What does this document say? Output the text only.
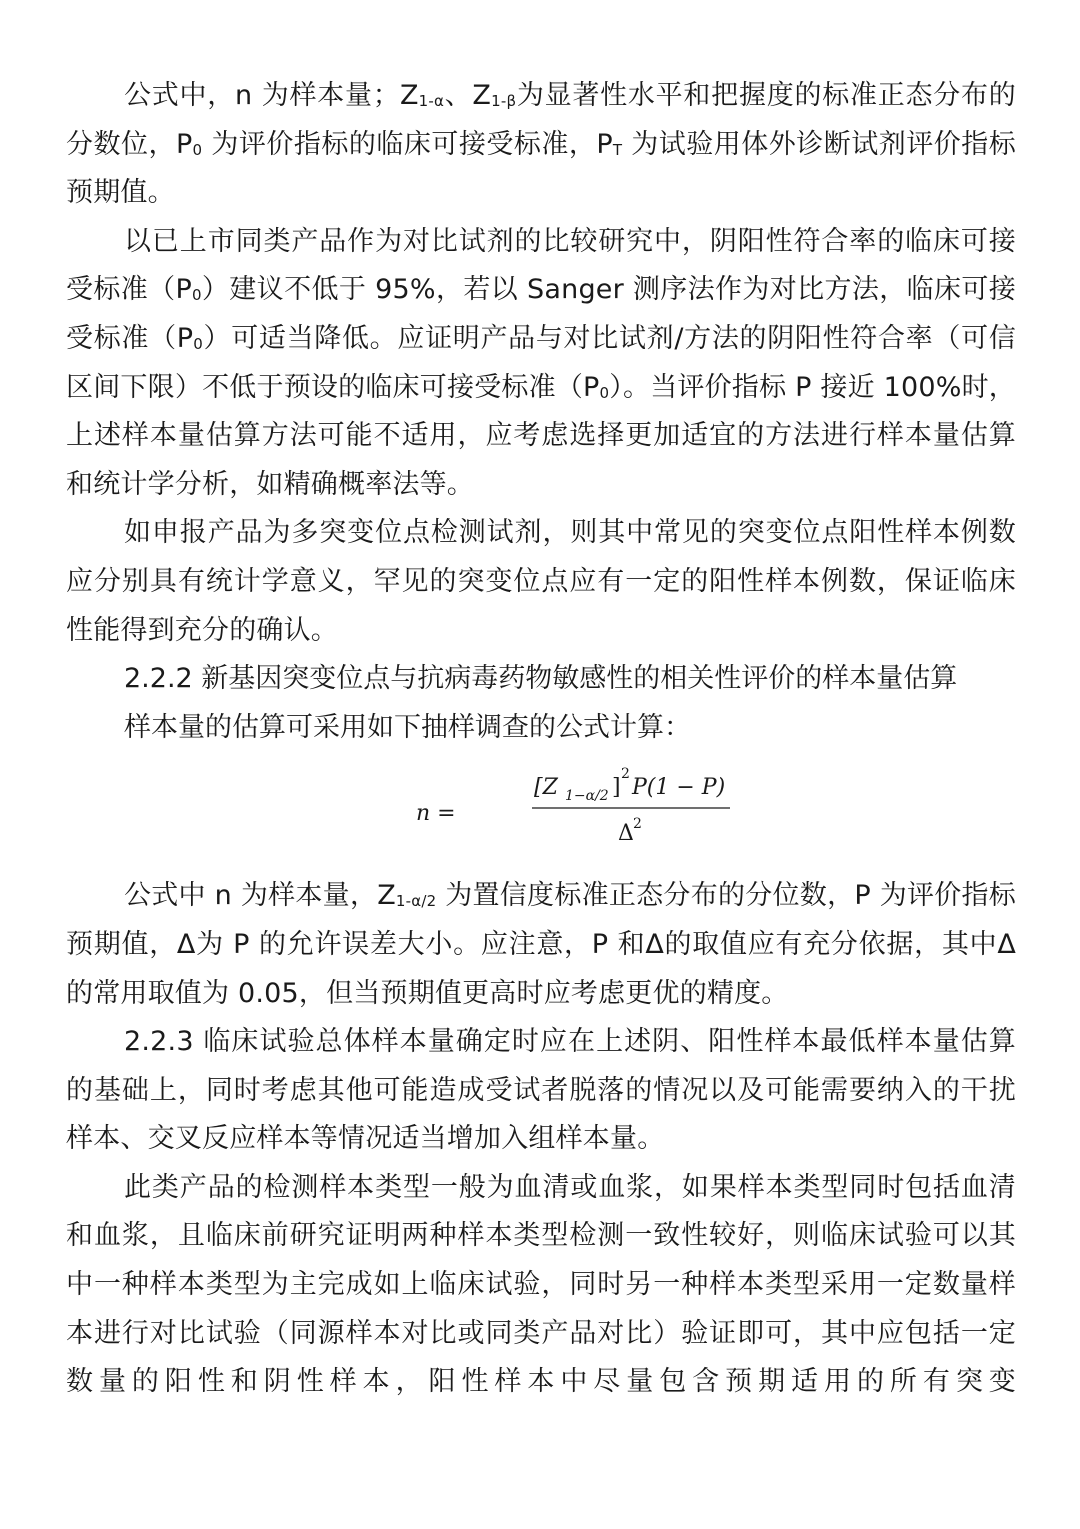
公式中，n 为样本量；$Z_{1-\alpha}$、$Z_{1-\beta}$为显著性水平和把握度的标准正态分布的分数位，$P_0$ 为评价指标的临床可接受标准，$P_T$ 为试验用体外诊断试剂评价指标预期值。

以已上市同类产品作为对比试剂的比较研究中，阴阳性符合率的临床可接受标准$(P_0)$建议不低于 95%，若以 Sanger 测序法作为对比方法，临床可接受标准$(P_0)$可适当降低。应证明产品与对比试剂/方法的阴阳性符合率（可信区间下限）不低于预设的临床可接受标准$(P_0)$。当评价指标 P 接近 100%时，上述样本量估算方法可能不适用，应考虑选择更加适宜的方法进行样本量估算和统计学分析，如精确概率法等。

如申报产品为多突变位点检测试剂，则其中常见的突变位点阳性样本例数应分别具有统计学意义，罕见的突变位点应有一定的阳性样本例数，保证临床性能得到充分的确认。

2.2.2 新基因突变位点与抗病毒药物敏感性的相关性评价的样本量估算

样本量的估算可采用如下抽样调查的公式计算：

n =
[Z 1−α/2 ]
2
P(1 − P)
Δ 2

公式中 n 为样本量，$Z_{1-\alpha/2}$ 为置信度标准正态分布的分位数，P 为评价指标预期值，Δ为 P 的允许误差大小。应注意，P 和Δ的取值应有充分依据，其中Δ的常用取值为 0.05，但当预期值更高时应考虑更优的精度。

2.2.3 临床试验总体样本量确定时应在上述阴、阳性样本最低样本量估算的基础上，同时考虑其他可能造成受试者脱落的情况以及可能需要纳入的干扰样本、交叉反应样本等情况适当增加入组样本量。

此类产品的检测样本类型一般为血清或血浆，如果样本类型同时包括血清和血浆，且临床前研究证明两种样本类型检测一致性较好，则临床试验可以其中一种样本类型为主完成如上临床试验，同时另一种样本类型采用一定数量样本进行对比试验（同源样本对比或同类产品对比）验证即可，其中应包括一定数量的阳性和阴性样本，阳性样本中尽量包含预期适用的所有突变
